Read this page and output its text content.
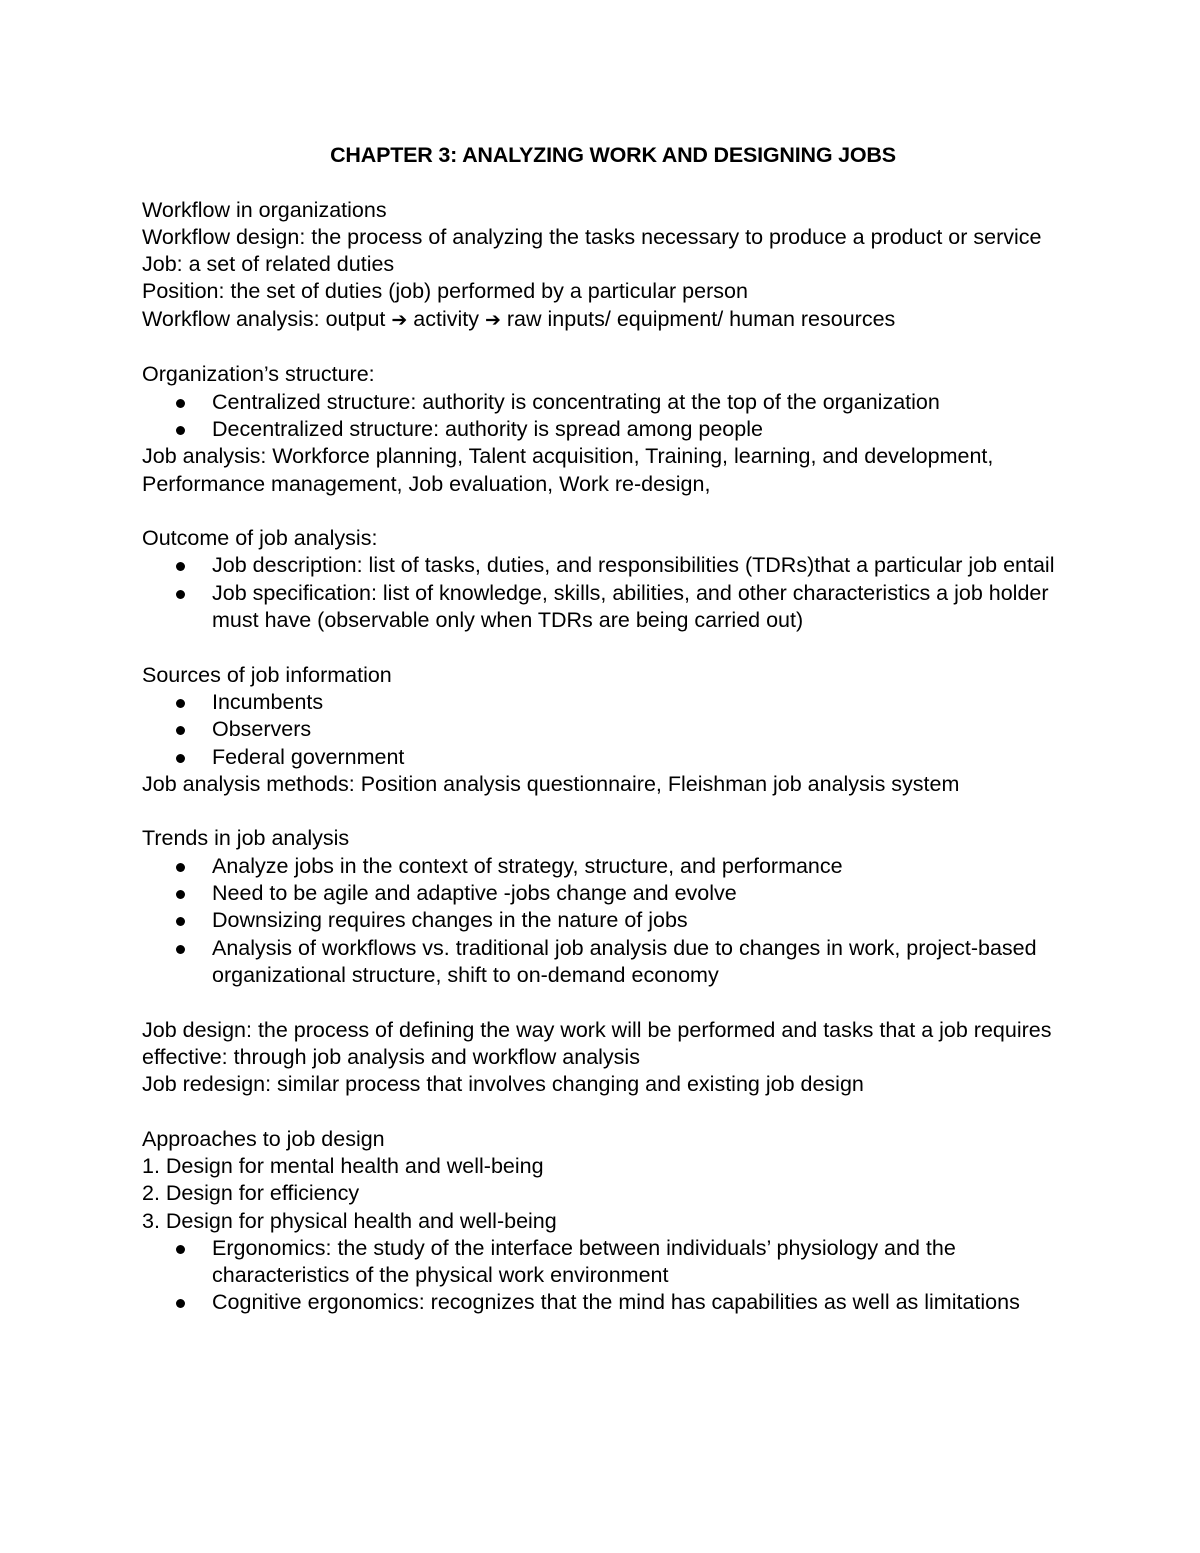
CHAPTER 3: ANALYZING WORK AND DESIGNING JOBS

Workflow in organizations

Workflow design: the process of analyzing the tasks necessary to produce a product or service

Job: a set of related duties

Position: the set of duties (job) performed by a particular person

Workflow analysis: output ➔ activity ➔ raw inputs/ equipment/ human resources

Organization’s structure:

Centralized structure: authority is concentrating at the top of the organization
Decentralized structure: authority is spread among people

Job analysis: Workforce planning, Talent acquisition, Training, learning, and development, Performance management, Job evaluation, Work re-design,

Outcome of job analysis:

Job description: list of tasks, duties, and responsibilities (TDRs)that a particular job entail
Job specification: list of knowledge, skills, abilities, and other characteristics a job holder must have (observable only when TDRs are being carried out)

Sources of job information

Incumbents
Observers
Federal government

Job analysis methods: Position analysis questionnaire, Fleishman job analysis system

Trends in job analysis

Analyze jobs in the context of strategy, structure, and performance
Need to be agile and adaptive -jobs change and evolve
Downsizing requires changes in the nature of jobs
Analysis of workflows vs. traditional job analysis due to changes in work, project-based organizational structure, shift to on-demand economy

Job design: the process of defining the way work will be performed and tasks that a job requires effective: through job analysis and workflow analysis

Job redesign: similar process that involves changing and existing job design

Approaches to job design

1. Design for mental health and well-being

2. Design for efficiency

3. Design for physical health and well-being

Ergonomics: the study of the interface between individuals’ physiology and the characteristics of the physical work environment
Cognitive ergonomics: recognizes that the mind has capabilities as well as limitations
